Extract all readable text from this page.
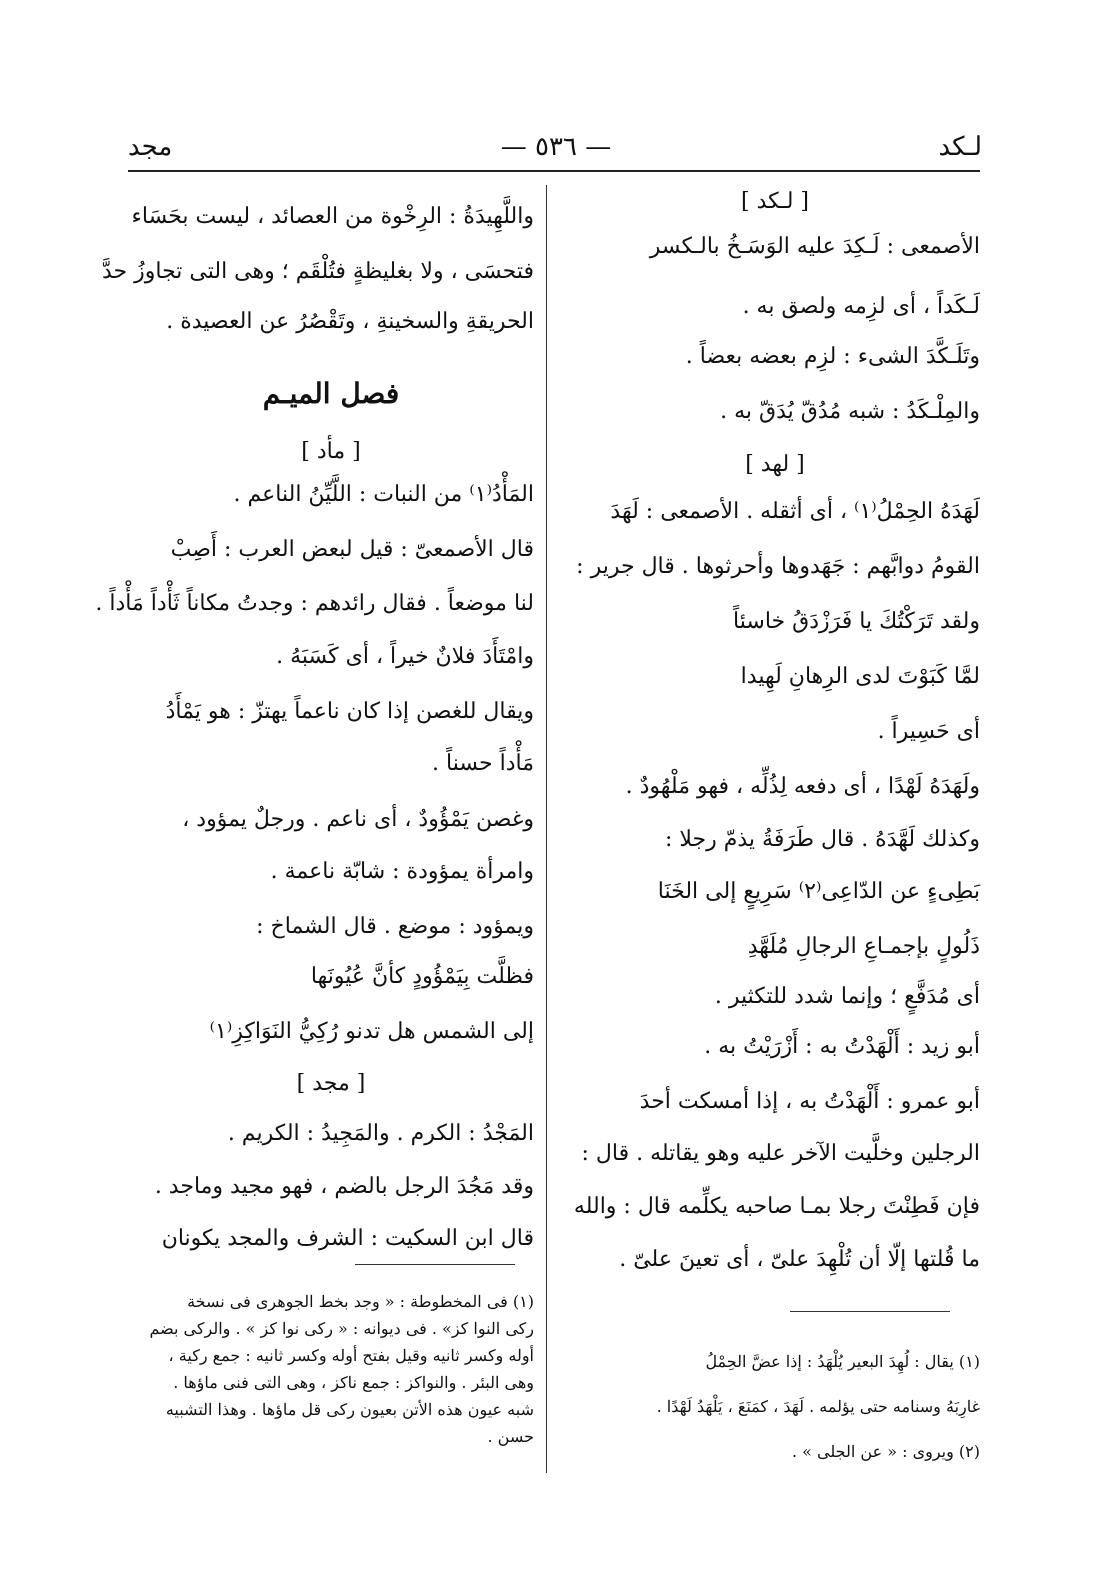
— ٥٣٦ —	لـكد
مجد
[ لـكد ]
الأصمعى : لَـكِدَ عليه الوَسَـخُ بالـكسر
لَـكَداً ، أى لزِمه ولصق به .
وتَلَـكَّدَ الشىء : لزِم بعضه بعضاً .
والمِلْـكَدُ : شبه مُدُقّ يُدَقّ به .
[ لهد ]
لَهَدَهُ الحِمْلُ⁽١⁾ ، أى أثقله . الأصمعى : لَهَدَ
القومُ دوابَّهم : جَهَدوها وأحرثوها . قال جرير :
ولقد تَرَكْتُكَ يا فَرَزْدَقُ خاسئاً
لمَّا كَبَوْتَ لدى الرِهانِ لَهِيدا
أى حَسِيراً .
ولَهَدَهُ لَهْدًا ، أى دفعه لِذُلِّه ، فهو مَلْهُودٌ .
وكذلك لَهَّدَهُ . قال طَرَفَةُ يذمّ رجلا :
بَطِىءٍ عن الدّاعِى⁽٢⁾ سَرِيعٍ إلى الخَنَا
ذَلُولٍ بإجمـاعِ الرجالِ مُلَهَّدِ
أى مُدَفَّعٍ ؛ وإنما شدد للتكثير .
أبو زيد : أَلْهَدْتُ به : أَزْرَيْتُ به .
أبو عمرو : أَلْهَدْتُ به ، إذا أمسكت أحدَ
الرجلين وخلَّيت الآخر عليه وهو يقاتله . قال :
فإن فَطِنْتَ رجلا بمـا صاحبه يكلِّمه قال : والله
ما قُلتها إلّا أن تُلْهِدَ علىّ ، أى تعينَ علىّ .
واللَّهِيدَةُ : الرِخْوة من العصائد ، ليست بحَسَاء
فتحسَى ، ولا بغليظةٍ فتُلْقَم ؛ وهى التى تجاوزُ حدَّ
الحريقةِ والسخينةِ ، وتَقْصُرُ عن العصيدة .
فصل الميـم
[ مأد ]
المَأْدُ⁽١⁾ من النبات : اللَّيِّنُ الناعم .
قال الأصمعىّ : قيل لبعض العرب : أَصِبْ
لنا موضعاً . فقال رائدهم : وجدتُ مكاناً ثَأْداً مَأْداً .
وامْتَأَدَ فلانٌ خيراً ، أى كَسَبَهُ .
ويقال للغصن إذا كان ناعماً يهتزّ : هو يَمْأَدُ
مَأْداً حسناً .
وغصن يَمْؤُودٌ ، أى ناعم . ورجلٌ يمؤود ،
وامرأة يمؤودة : شابّة ناعمة .
ويمؤود : موضع . قال الشماخ :
فظلَّت بِيَمْؤُودٍ كأنَّ عُيُونَها
إلى الشمس هل تدنو رُكِيُّ النَوَاكِزِ⁽١⁾
[ مجد ]
المَجْدُ : الكرم . والمَجِيدُ : الكريم .
وقد مَجُدَ الرجل بالضم ، فهو مجيد وماجد .
قال ابن السكيت : الشرف والمجد يكونان
(١) يقال : لُهِدَ البعير يُلْهَدُ : إذا عضَّ الحِمْلُ
غارِبَهُ وسنامه حتى يؤلمه . لَهَدَ ، كمَنَعَ ، يَلْهَدُ لَهْدًا .
(٢) ويروى : « عن الجلى » .
(١) فى المخطوطة : « وجد بخط الجوهرى فى نسخة
ركى النوا كز» . فى ديوانه : « ركى نوا كز » . والركى بضم
أوله وكسر ثانيه وقيل بفتح أوله وكسر ثانيه : جمع ركية ،
وهى البئر . والنواكز : جمع ناكز ، وهى التى فنى ماؤها .
شبه عيون هذه الأتن بعيون ركى قل ماؤها . وهذا التشبيه
حسن .
